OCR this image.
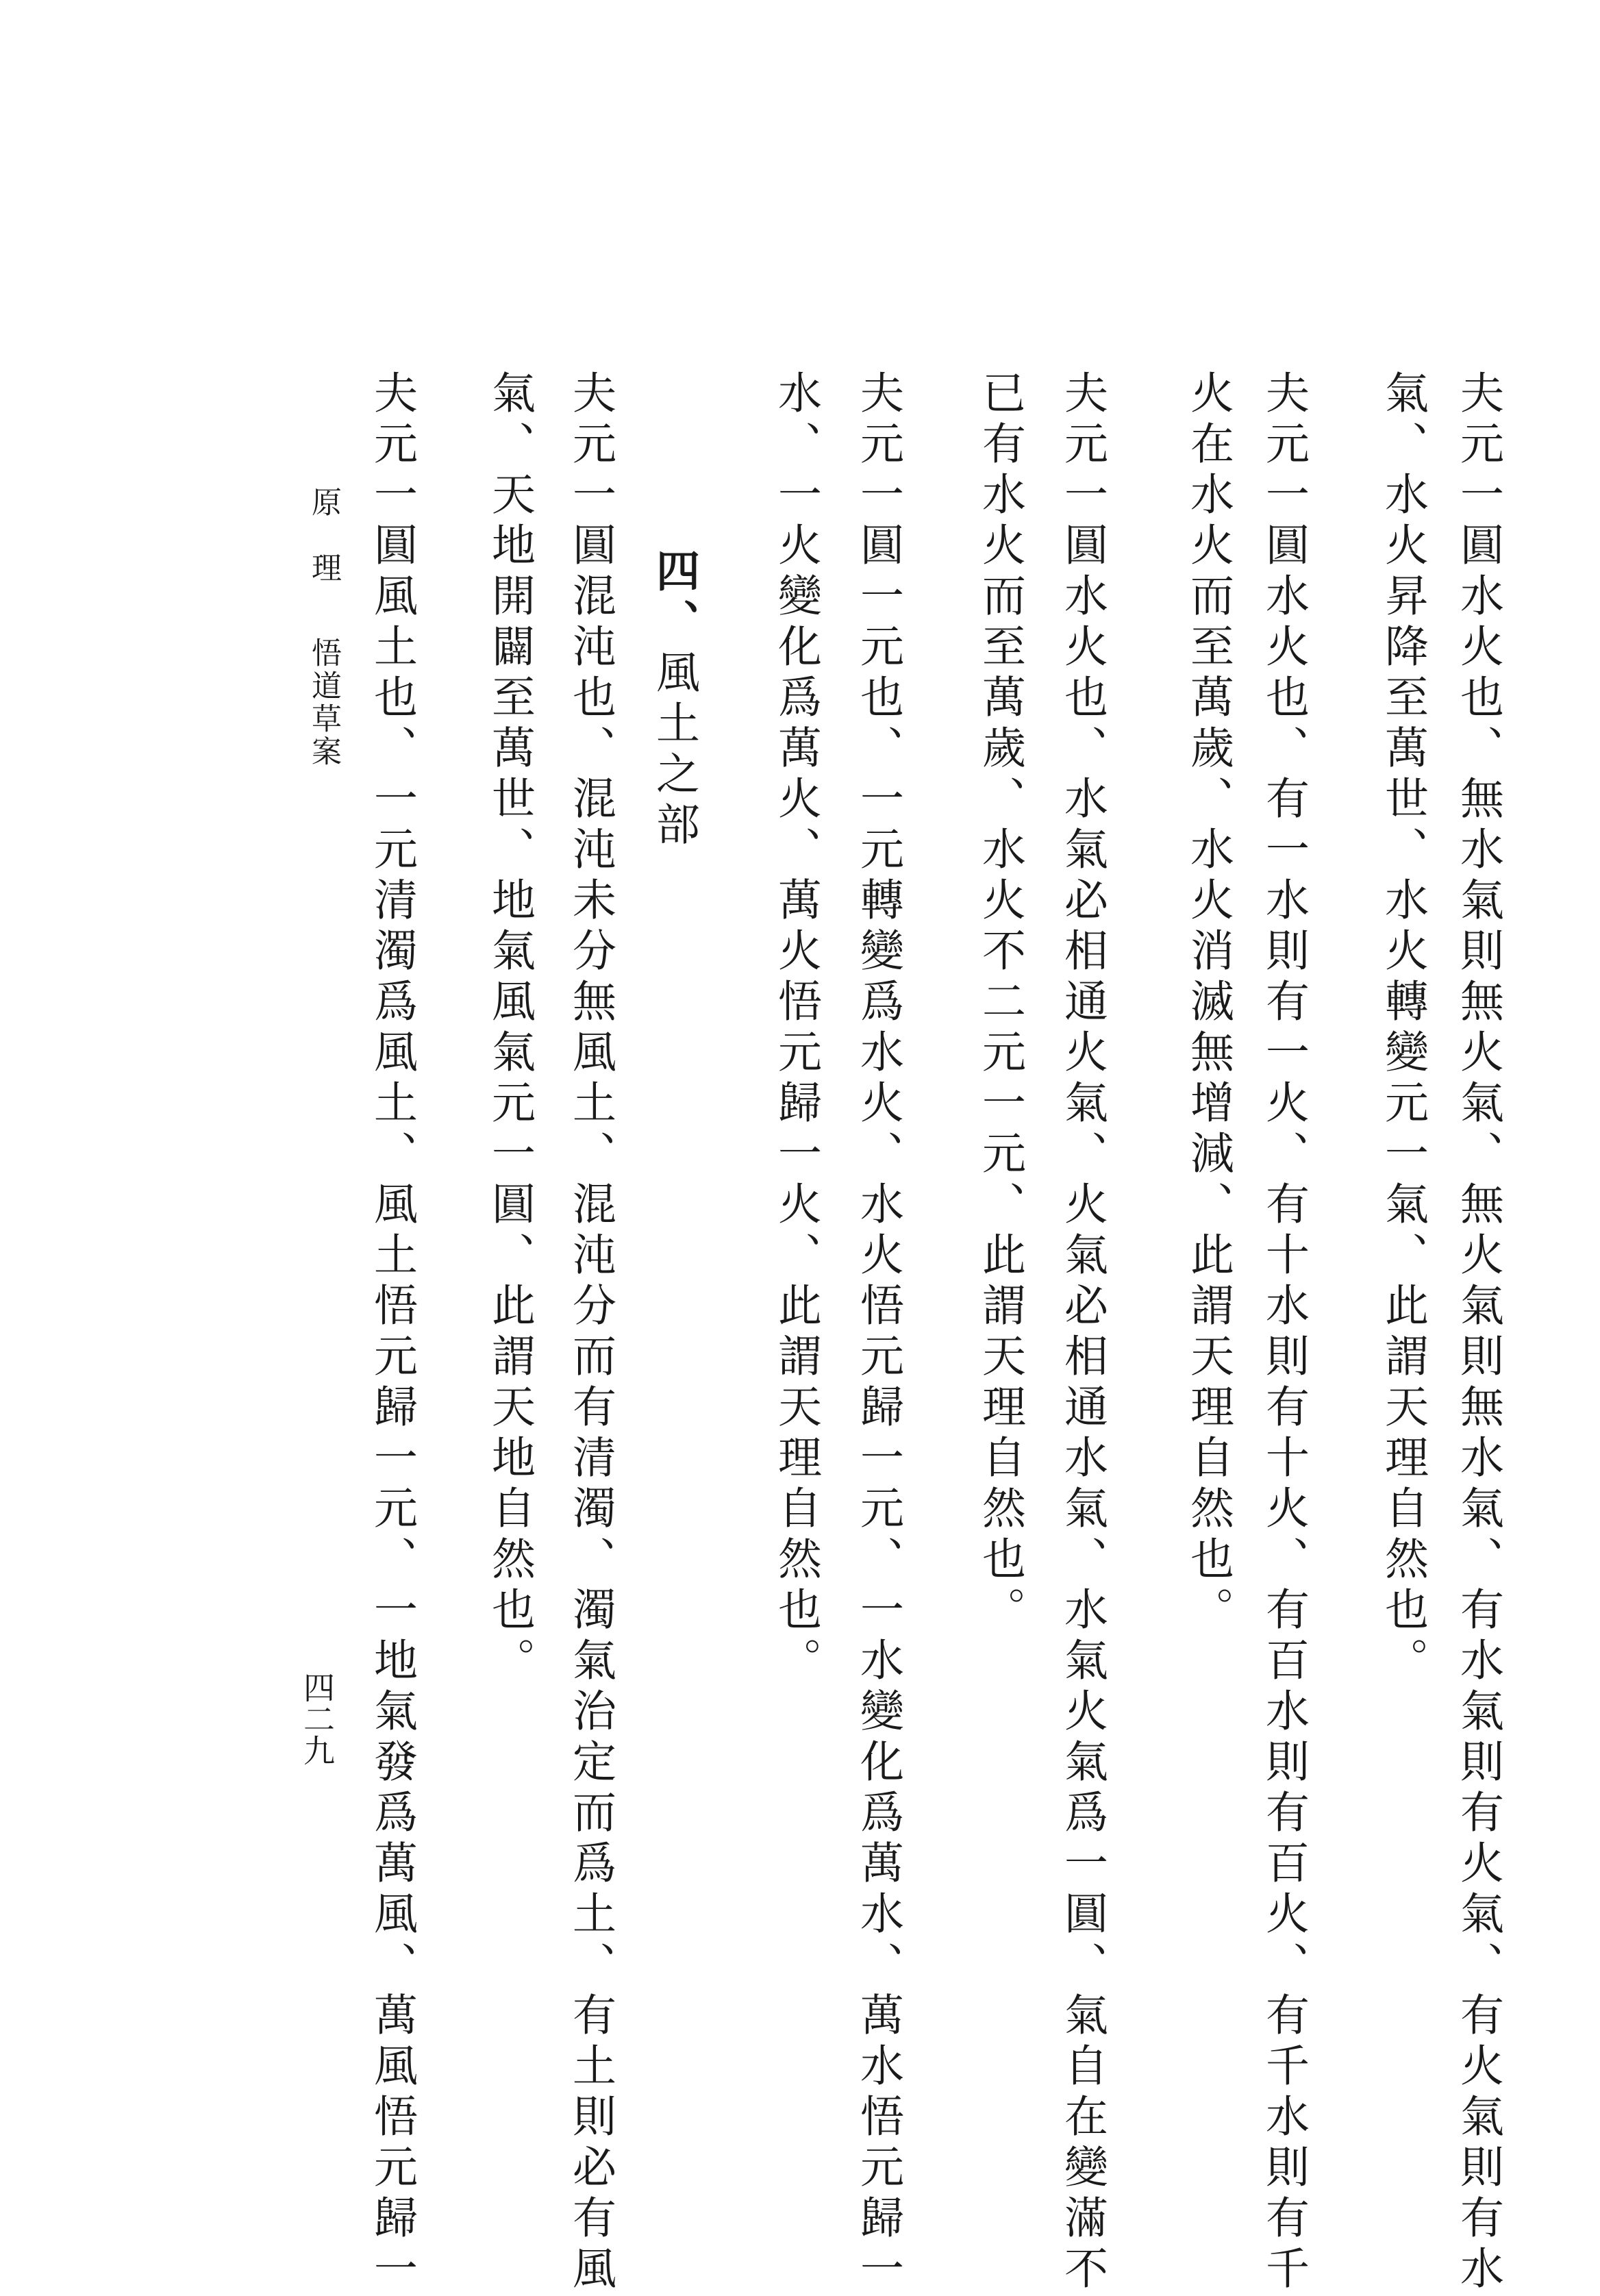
夫元一圓水火也、無水氣則無火氣、無火氣則無水氣、有水氣則有火氣、有火氣則有水
氣、水火昇降至萬世、水火轉變元一氣、此謂天理自然也。
夫元一圓水火也、有一水則有一火、有十水則有十火、有百水則有百火、有千水則有千
火在水火而至萬歲、水火消滅無增減、此謂天理自然也。
夫元一圓水火也、水氣必相通火氣、火氣必相通水氣、水氣火氣爲一圓、氣自在變滿不
已有水火而至萬歲、水火不二元一元、此謂天理自然也。
夫元一圓一元也、一元轉變爲水火、水火悟元歸一元、一水變化爲萬水、萬水悟元歸一
水、一火變化爲萬火、萬火悟元歸一火、此謂天理自然也。
四、風土之部
夫元一圓混沌也、混沌未分無風土、混沌分而有清濁、濁氣治定而爲土、有土則必有風
氣、天地開闢至萬世、地氣風氣元一圓、此謂天地自然也。
夫元一圓風土也、一元清濁爲風土、風土悟元歸一元、一地氣發爲萬風、萬風悟元歸一
原　理
悟道草案
四二九
